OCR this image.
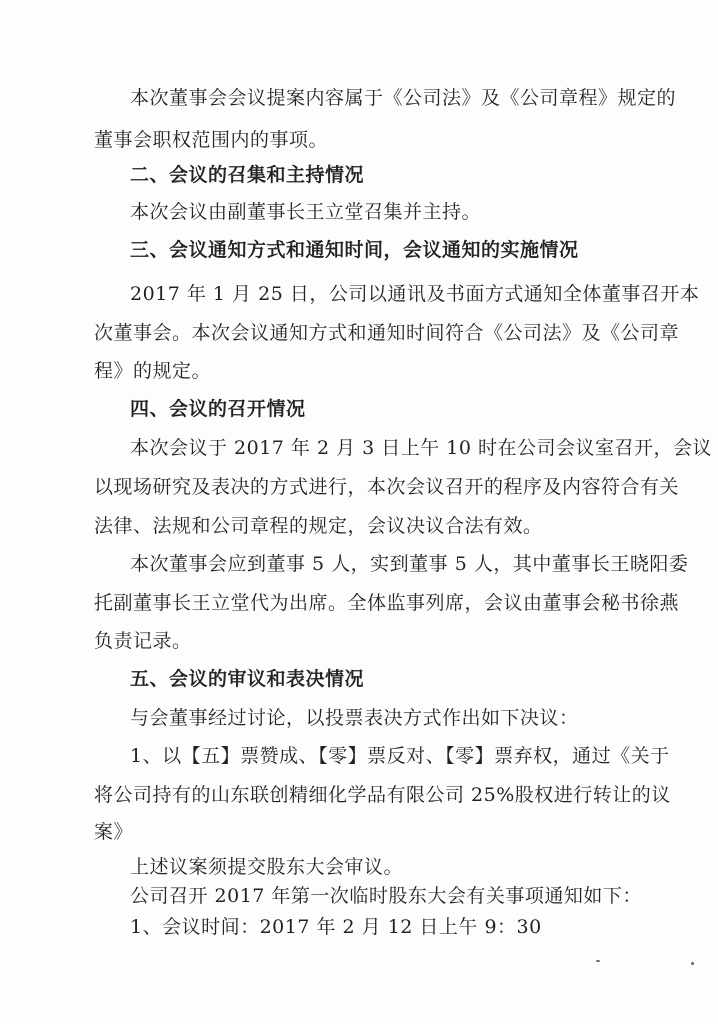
本次董事会会议提案内容属于《公司法》及《公司章程》规定的
董事会职权范围内的事项。
二、会议的召集和主持情况
本次会议由副董事长王立堂召集并主持。
三、会议通知方式和通知时间，会议通知的实施情况
2017 年 1 月 25 日，公司以通讯及书面方式通知全体董事召开本
次董事会。本次会议通知方式和通知时间符合《公司法》及《公司章
程》的规定。
四、会议的召开情况
本次会议于 2017 年 2 月 3 日上午 10 时在公司会议室召开，会议
以现场研究及表决的方式进行，本次会议召开的程序及内容符合有关
法律、法规和公司章程的规定，会议决议合法有效。
本次董事会应到董事 5 人，实到董事 5 人，其中董事长王晓阳委
托副董事长王立堂代为出席。全体监事列席，会议由董事会秘书徐燕
负责记录。
五、会议的审议和表决情况
与会董事经过讨论，以投票表决方式作出如下决议：
1、以【五】票赞成、【零】票反对、【零】票弃权，通过《关于
将公司持有的山东联创精细化学品有限公司 25%股权进行转让的议
案》
上述议案须提交股东大会审议。
公司召开 2017 年第一次临时股东大会有关事项通知如下：
1、会议时间：2017 年 2 月 12 日上午 9：30
